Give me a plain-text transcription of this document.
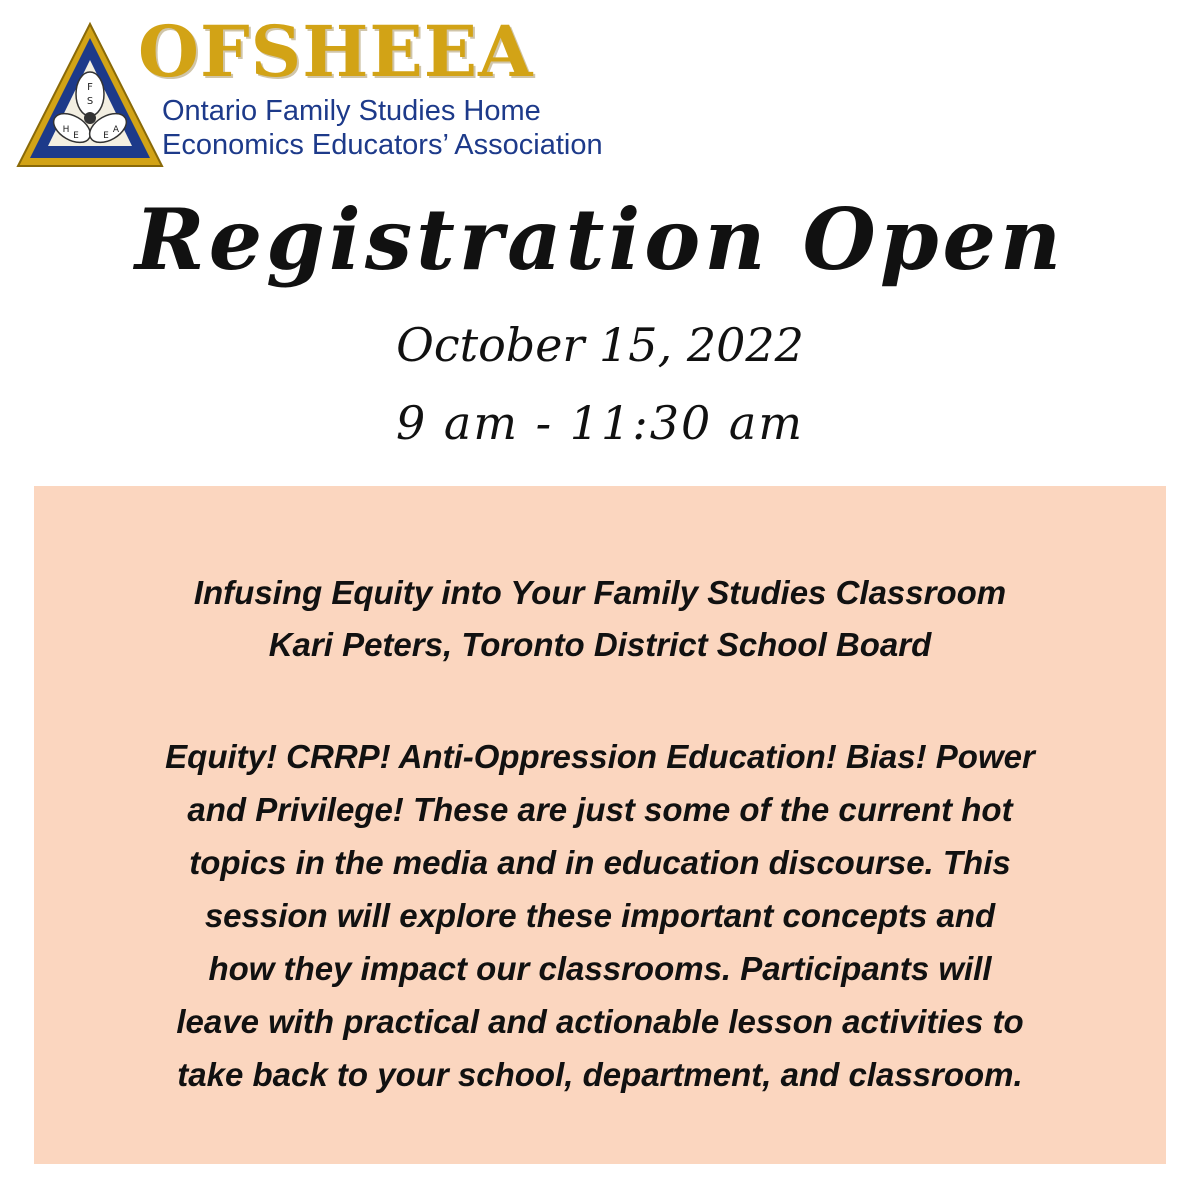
F
S
H
E	E
A
OFSHEEA
Ontario Family Studies Home
Economics Educators’ Association
Registration Open
October 15, 2022
9 am - 11:30 am
Infusing Equity into Your Family Studies Classroom
Kari Peters, Toronto District School Board
Equity! CRRP! Anti-Oppression Education! Bias! Power
and Privilege! These are just some of the current hot
topics in the media and in education discourse. This
session will explore these important concepts and
how they impact our classrooms. Participants will
leave with practical and actionable lesson activities to
take back to your school, department, and classroom.
